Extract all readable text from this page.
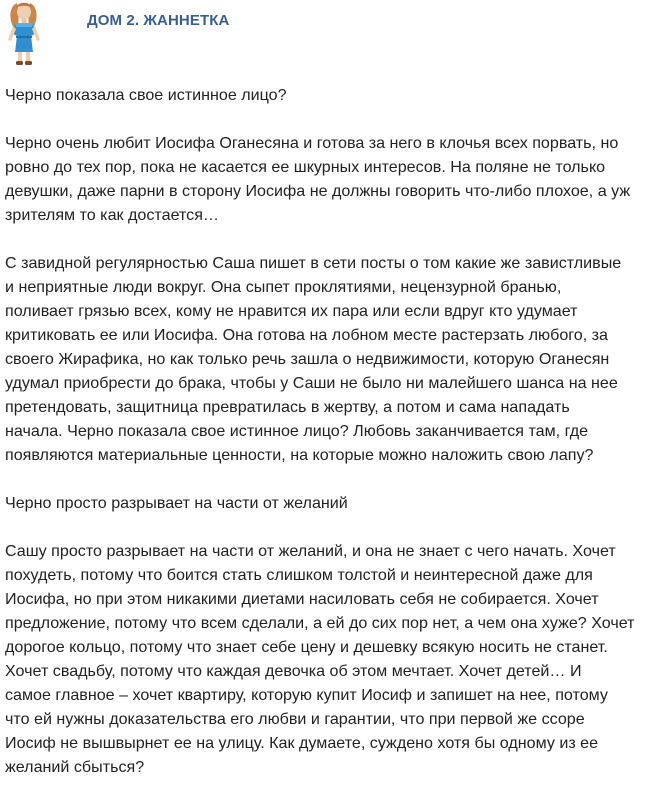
ДОМ 2. ЖАННЕТКА

Черно показала свое истинное лицо?

Черно очень любит Иосифа Оганесяна и готова за него в клочья всех порвать, но

ровно до тех пор, пока не касается ее шкурных интересов. На поляне не только

девушки, даже парни в сторону Иосифа не должны говорить что-либо плохое, а уж

зрителям то как достается…

С завидной регулярностью Саша пишет в сети посты о том какие же завистливые

и неприятные люди вокруг. Она сыпет проклятиями, нецензурной бранью,

поливает грязью всех, кому не нравится их пара или если вдруг кто удумает

критиковать ее или Иосифа. Она готова на лобном месте растерзать любого, за

своего Жирафика, но как только речь зашла о недвижимости, которую Оганесян

удумал приобрести до брака, чтобы у Саши не было ни малейшего шанса на нее

претендовать, защитница превратилась в жертву, а потом и сама нападать

начала. Черно показала свое истинное лицо? Любовь заканчивается там, где

появляются материальные ценности, на которые можно наложить свою лапу?

Черно просто разрывает на части от желаний

Сашу просто разрывает на части от желаний, и она не знает с чего начать. Хочет

похудеть, потому что боится стать слишком толстой и неинтересной даже для

Иосифа, но при этом никакими диетами насиловать себя не собирается. Хочет

предложение, потому что всем сделали, а ей до сих пор нет, а чем она хуже? Хочет

дорогое кольцо, потому что знает себе цену и дешевку всякую носить не станет.

Хочет свадьбу, потому что каждая девочка об этом мечтает. Хочет детей… И

самое главное – хочет квартиру, которую купит Иосиф и запишет на нее, потому

что ей нужны доказательства его любви и гарантии, что при первой же ссоре

Иосиф не вышвырнет ее на улицу. Как думаете, суждено хотя бы одному из ее

желаний сбыться?
